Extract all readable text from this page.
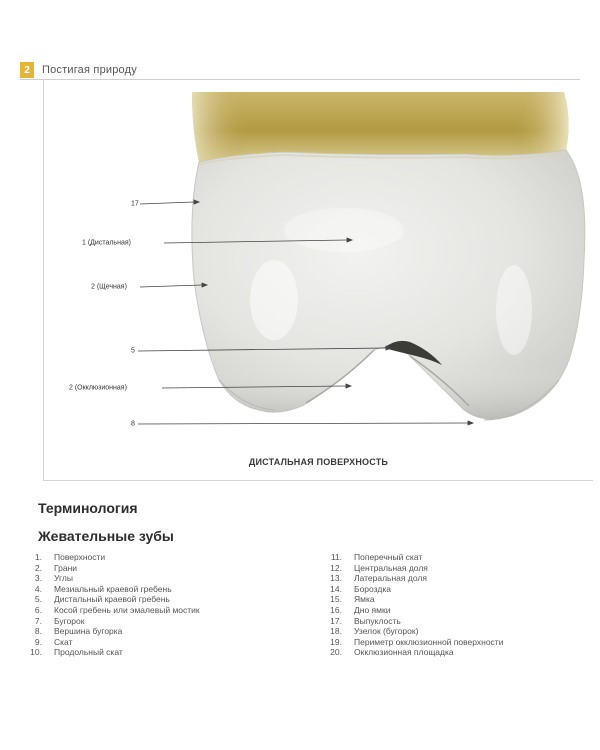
2	Постигая природу
17
1 (Дистальная)
2 (Щечная)
5
2 (Окклюзионная)
8
ДИСТАЛЬНАЯ ПОВЕРХНОСТЬ
Терминология
Жевательные зубы
1. Поверхности
2. Грани
3. Углы
4. Мезиальный краевой гребень
5. Дистальный краевой гребень
6. Косой гребень или эмалевый мостик
7. Бугорок
8. Вершина бугорка
9. Скат
10. Продольный скат
11. Поперечный скат
12. Центральная доля
13. Латеральная доля
14. Бороздка
15. Ямка
16. Дно ямки
17. Выпуклость
18. Узелок (бугорок)
19. Периметр окклюзионной поверхности
20. Окклюзионная площадка
